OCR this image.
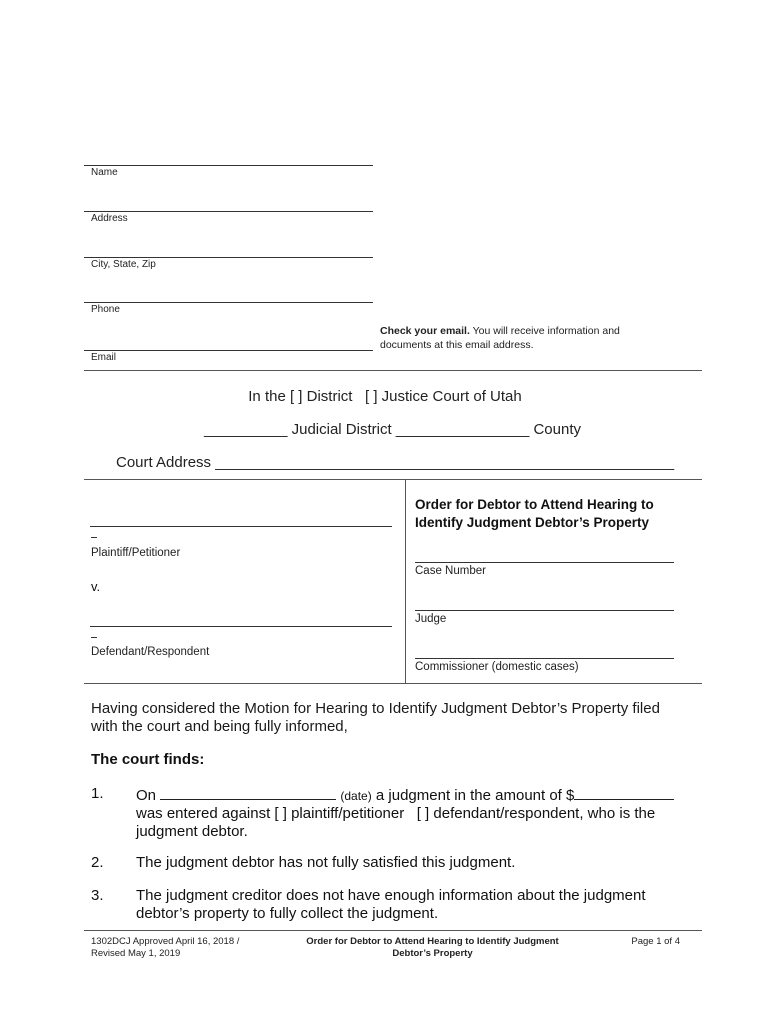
Name
Address
City, State, Zip
Phone
Check your email. You will receive information and
documents at this email address.
Email
In the [ ] District [ ] Justice Court of Utah
__________ Judicial District ________________ County
Court Address _______________________________________________________
Plaintiff/Petitioner
v.
Defendant/Respondent
Order for Debtor to Attend Hearing to
Identify Judgment Debtor’s Property
Case Number
Judge
Commissioner (domestic cases)
Having considered the Motion for Hearing to Identify Judgment Debtor’s Property filed
with the court and being fully informed,
The court finds:
1. On	(date) a judgment in the amount of $
was entered against [ ] plaintiff/petitioner   [ ] defendant/respondent, who is the
judgment debtor.
2. The judgment debtor has not fully satisfied this judgment.
3. The judgment creditor does not have enough information about the judgment
debtor’s property to fully collect the judgment.
1302DCJ Approved April 16, 2018 /
Revised May 1, 2019
Order for Debtor to Attend Hearing to Identify Judgment
Debtor’s Property
Page 1 of 4
